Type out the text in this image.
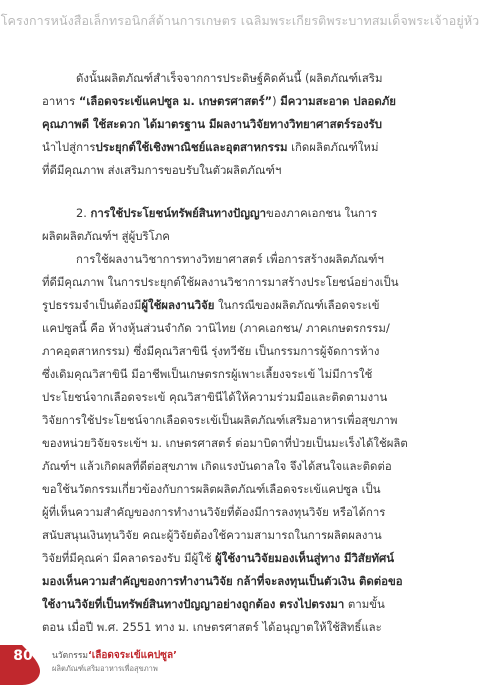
โครงการหนังสือเล็กทรอนิกส์ด้านการเกษตร เฉลิมพระเกียรติพระบาทสมเด็จพระเจ้าอยู่หัว

ดังนั้นผลิตภัณฑ์สำเร็จจากการประดิษฐ์คิดค้นนี้ (ผลิตภัณฑ์เสริม
อาหาร “เลือดจระเข้แคปซูล ม. เกษตรศาสตร์”) มีความสะอาด ปลอดภัย
คุณภาพดี ใช้สะดวก ได้มาตรฐาน มีผลงานวิจัยทางวิทยาศาสตร์รองรับ
นำไปสู่การประยุกต์ใช้เชิงพาณิชย์และอุตสาหกรรม เกิดผลิตภัณฑ์ใหม่
ที่ดีมีคุณภาพ ส่งเสริมการขอบรับในตัวผลิตภัณฑ์ฯ

2. การใช้ประโยชน์ทรัพย์สินทางปัญญาของภาคเอกชน ในการ
ผลิตผลิตภัณฑ์ฯ สู่ผู้บริโภค

การใช้ผลงานวิชาการทางวิทยาศาสตร์ เพื่อการสร้างผลิตภัณฑ์ฯ
ที่ดีมีคุณภาพ ในการประยุกต์ใช้ผลงานวิชาการมาสร้างประโยชน์อย่างเป็น
รูปธรรมจำเป็นต้องมีผู้ใช้ผลงานวิจัย ในกรณีของผลิตภัณฑ์เลือดจระเข้
แคปซูลนี้ คือ ห้างหุ้นส่วนจำกัด วานิไทย (ภาคเอกชน/ ภาคเกษตรกรรม/
ภาคอุตสาหกรรม) ซึ่งมีคุณวิสาขินี รุ่งทวีชัย เป็นกรรมการผู้จัดการห้าง
ซึ่งเดิมคุณวิสาขินี มีอาชีพเป็นเกษตรกรผู้เพาะเลี้ยงจระเข้ ไม่มีการใช้
ประโยชน์จากเลือดจระเข้ คุณวิสาขินีได้ให้ความร่วมมือและติดตามงาน
วิจัยการใช้ประโยชน์จากเลือดจระเข้เป็นผลิตภัณฑ์เสริมอาหารเพื่อสุขภาพ
ของหน่วยวิจัยจระเข้ฯ ม. เกษตรศาสตร์ ต่อมาบิดาที่ป่วยเป็นมะเร็งได้ใช้ผลิต
ภัณฑ์ฯ แล้วเกิดผลที่ดีต่อสุขภาพ เกิดแรงบันดาลใจ จึงได้สนใจและติดต่อ
ขอใช้นวัตกรรมเกี่ยวข้องกับการผลิตผลิตภัณฑ์เลือดจระเข้แคปซูล เป็น
ผู้ที่เห็นความสำคัญของการทำงานวิจัยที่ต้องมีการลงทุนวิจัย หรือได้การ
สนับสนุนเงินทุนวิจัย คณะผู้วิจัยต้องใช้ความสามารถในการผลิตผลงาน
วิจัยที่มีคุณค่า มีคลาดรองรับ มีผู้ใช้ ผู้ใช้งานวิจัยมองเห็นสู่ทาง มีวิสัยทัศน์
มองเห็นความสำคัญของการทำงานวิจัย กล้าที่จะลงทุนเป็นตัวเงิน ติดต่อขอ
ใช้งานวิจัยที่เป็นทรัพย์สินทางปัญญาอย่างถูกต้อง ตรงไปตรงมา ตามขั้น
ตอน เมื่อปี พ.ศ. 2551 ทาง ม. เกษตรศาสตร์ ได้อนุญาตให้ใช้สิทธิ์และ

80	นวัตกรรม‘เลือดจระเข้แคปซูล’
ผลิตภัณฑ์เสริมอาหารเพื่อสุขภาพ
